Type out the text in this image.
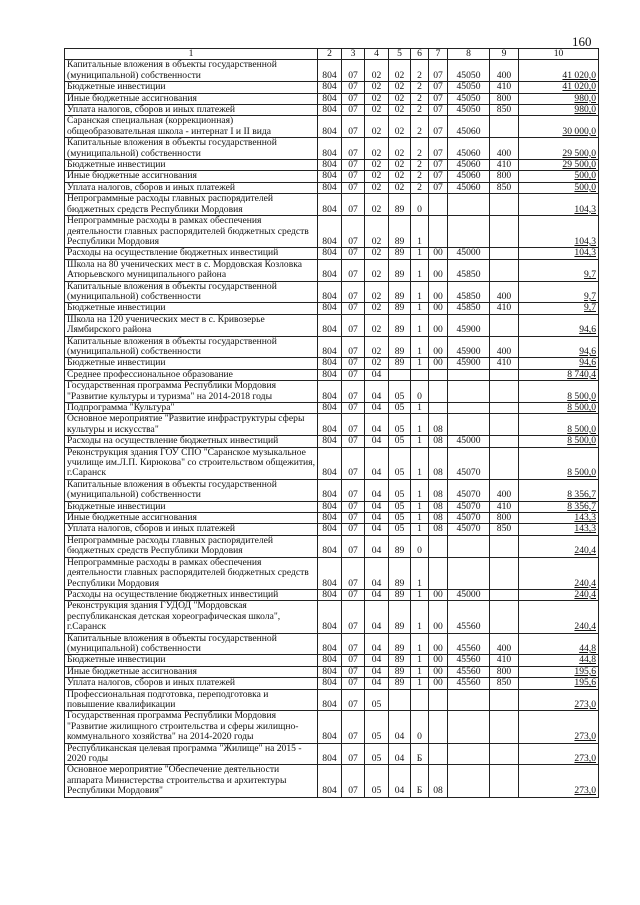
160
1	2	3	4	5	6	7	8	9	10
Капитальные вложения в объекты государственной (муниципальной) собственности	804	07	02	02	2	07	45050	400	41 020,0
Бюджетные инвестиции	804	07	02	02	2	07	45050	410	41 020,0
Иные бюджетные ассигнования	804	07	02	02	2	07	45050	800	980,0
Уплата налогов, сборов и иных платежей	804	07	02	02	2	07	45050	850	980,0
Саранская специальная (коррекционная) общеобразовательная школа - интернат I и II вида	804	07	02	02	2	07	45060		30 000,0
Капитальные вложения в объекты государственной (муниципальной) собственности	804	07	02	02	2	07	45060	400	29 500,0
Бюджетные инвестиции	804	07	02	02	2	07	45060	410	29 500,0
Иные бюджетные ассигнования	804	07	02	02	2	07	45060	800	500,0
Уплата налогов, сборов и иных платежей	804	07	02	02	2	07	45060	850	500,0
Непрограммные расходы главных распорядителей бюджетных средств Республики Мордовия	804	07	02	89	0				104,3
Непрограммные расходы в рамках обеспечения деятельности главных распорядителей бюджетных средств Республики Мордовия	804	07	02	89	1				104,3
Расходы на осуществление бюджетных инвестиций	804	07	02	89	1	00	45000		104,3
Школа на 80 ученических мест в с. Мордовская Козловка Атюрьевского муниципального района	804	07	02	89	1	00	45850		9,7
Капитальные вложения в объекты государственной (муниципальной) собственности	804	07	02	89	1	00	45850	400	9,7
Бюджетные инвестиции	804	07	02	89	1	00	45850	410	9,7
Школа на 120 ученических мест в с. Кривозерье Лямбирского района	804	07	02	89	1	00	45900		94,6
Капитальные вложения в объекты государственной (муниципальной) собственности	804	07	02	89	1	00	45900	400	94,6
Бюджетные инвестиции	804	07	02	89	1	00	45900	410	94,6
Среднее профессиональное образование	804	07	04						8 740,4
Государственная программа Республики Мордовия "Развитие культуры и туризма" на 2014-2018 годы	804	07	04	05	0				8 500,0
Подпрограмма "Культура"	804	07	04	05	1				8 500,0
Основное мероприятие "Развитие инфраструктуры сферы культуры и искусства"	804	07	04	05	1	08			8 500,0
Расходы на осуществление бюджетных инвестиций	804	07	04	05	1	08	45000		8 500,0
Реконструкция здания ГОУ СПО "Саранское музыкальное училище им.Л.П. Кирюкова" со строительством общежития, г.Саранск	804	07	04	05	1	08	45070		8 500,0
Капитальные вложения в объекты государственной (муниципальной) собственности	804	07	04	05	1	08	45070	400	8 356,7
Бюджетные инвестиции	804	07	04	05	1	08	45070	410	8 356,7
Иные бюджетные ассигнования	804	07	04	05	1	08	45070	800	143,3
Уплата налогов, сборов и иных платежей	804	07	04	05	1	08	45070	850	143,3
Непрограммные расходы главных распорядителей бюджетных средств Республики Мордовия	804	07	04	89	0				240,4
Непрограммные расходы в рамках обеспечения деятельности главных распорядителей бюджетных средств Республики Мордовия	804	07	04	89	1				240,4
Расходы на осуществление бюджетных инвестиций	804	07	04	89	1	00	45000		240,4
Реконструкция здания ГУДОД "Мордовская республиканская детская хореографическая школа", г.Саранск	804	07	04	89	1	00	45560		240,4
Капитальные вложения в объекты государственной (муниципальной) собственности	804	07	04	89	1	00	45560	400	44,8
Бюджетные инвестиции	804	07	04	89	1	00	45560	410	44,8
Иные бюджетные ассигнования	804	07	04	89	1	00	45560	800	195,6
Уплата налогов, сборов и иных платежей	804	07	04	89	1	00	45560	850	195,6
Профессиональная подготовка, переподготовка и повышение квалификации	804	07	05						273,0
Государственная программа Республики Мордовия "Развитие жилищного строительства и сферы жилищно-коммунального хозяйства" на 2014-2020 годы	804	07	05	04	0				273,0
Республиканская целевая программа "Жилище" на 2015 - 2020 годы	804	07	05	04	Б				273,0
Основное мероприятие "Обеспечение деятельности аппарата Министерства строительства и архитектуры Республики Мордовия"	804	07	05	04	Б	08			273,0
